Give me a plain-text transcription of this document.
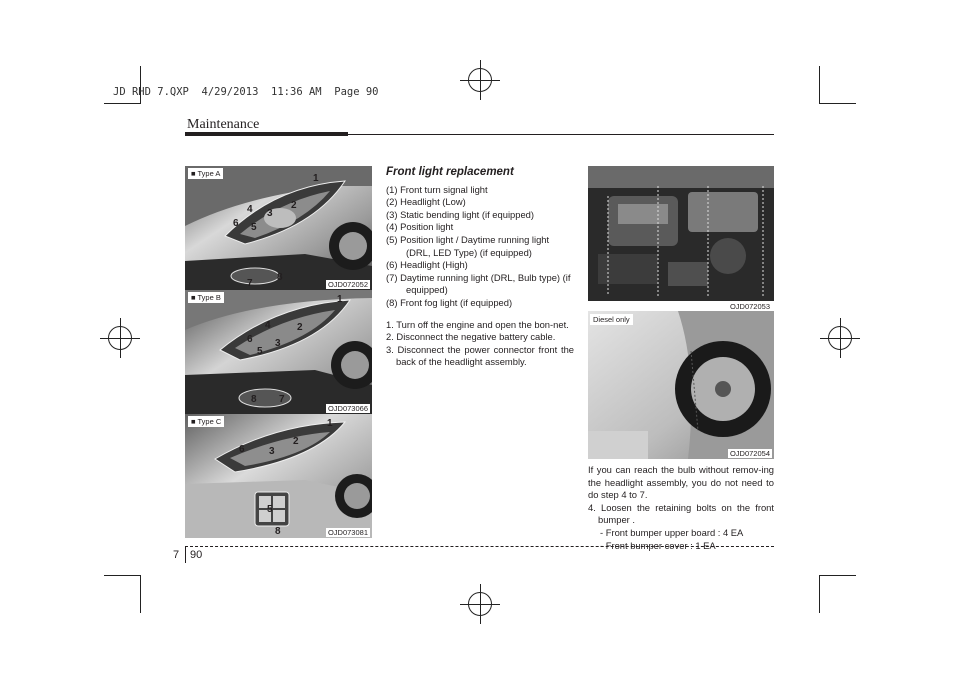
JD RHD 7.QXP  4/29/2013  11:36 AM  Page 90
Maintenance
1
2
3
4
5
6
7
8
■ Type A
OJD072052
1
2
3
4
5
6
7
8
■ Type B
OJD073066
1
2
3
5
6
8
■ Type C
OJD073081
OJD072053
Diesel only
OJD072054
Front light replacement
(1) Front turn signal light
(2) Headlight (Low)
(3) Static bending light (if equipped)
(4) Position light
(5) Position light / Daytime running light (DRL, LED Type) (if equipped)
(6) Headlight (High)
(7) Daytime running light (DRL, Bulb type) (if equipped)
(8) Front fog light (if equipped)
1. Turn off the engine and open the bon-net.
2. Disconnect the negative battery cable.
3. Disconnect the power connector front the back of the headlight assembly.
If you can reach the bulb without remov-ing the headlight assembly, you do not need to do step 4 to 7.
4. Loosen the retaining bolts on the front bumper .
- Front bumper upper board : 4 EA
- Front bumper cover : 1 EA
7 90
